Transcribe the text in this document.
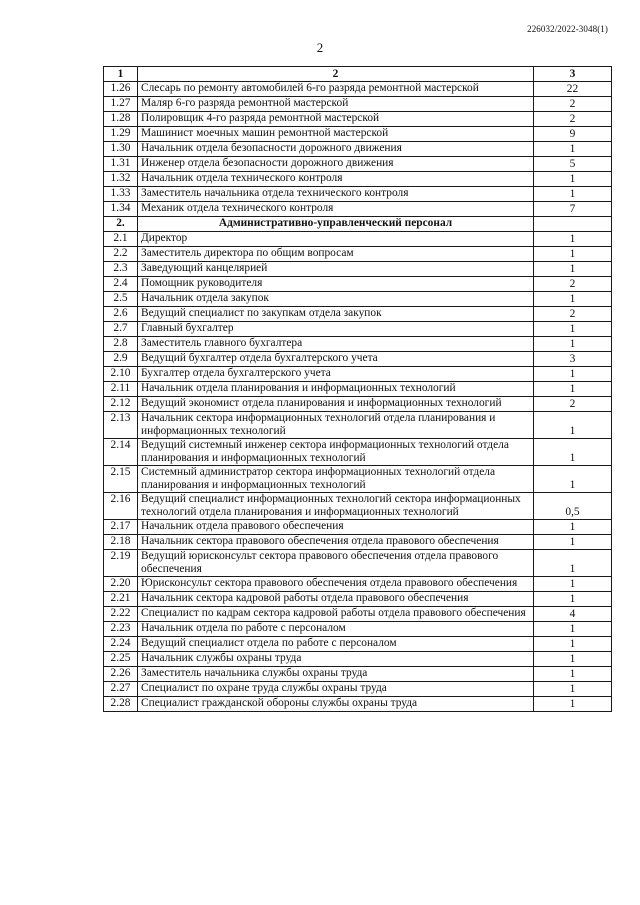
226032/2022-3048(1)
2
1	2	3
1.26	Слесарь по ремонту автомобилей 6-го разряда ремонтной мастерской	22
1.27	Маляр 6-го разряда ремонтной мастерской	2
1.28	Полировщик 4-го разряда ремонтной мастерской	2
1.29	Машинист моечных машин ремонтной мастерской	9
1.30	Начальник отдела безопасности дорожного движения	1
1.31	Инженер отдела безопасности дорожного движения	5
1.32	Начальник отдела технического контроля	1
1.33	Заместитель начальника отдела технического контроля	1
1.34	Механик отдела технического контроля	7
2.	Административно-управленческий персонал	
2.1	Директор	1
2.2	Заместитель директора по общим вопросам	1
2.3	Заведующий канцелярией	1
2.4	Помощник руководителя	2
2.5	Начальник отдела закупок	1
2.6	Ведущий специалист по закупкам отдела закупок	2
2.7	Главный бухгалтер	1
2.8	Заместитель главного бухгалтера	1
2.9	Ведущий бухгалтер отдела бухгалтерского учета	3
2.10	Бухгалтер отдела бухгалтерского учета	1
2.11	Начальник отдела планирования и информационных технологий	1
2.12	Ведущий экономист отдела планирования и информационных технологий	2
2.13	Начальник сектора информационных технологий отдела планирования и информационных технологий	1
2.14	Ведущий системный инженер сектора информационных технологий отдела планирования и информационных технологий	1
2.15	Системный администратор сектора информационных технологий отдела планирования и информационных технологий	1
2.16	Ведущий специалист информационных технологий сектора информационных технологий отдела планирования и информационных технологий	0,5
2.17	Начальник отдела правового обеспечения	1
2.18	Начальник сектора правового обеспечения отдела правового обеспечения	1
2.19	Ведущий юрисконсульт сектора правового обеспечения отдела правового обеспечения	1
2.20	Юрисконсульт сектора правового обеспечения отдела правового обеспечения	1
2.21	Начальник сектора кадровой работы отдела правового обеспечения	1
2.22	Специалист по кадрам сектора кадровой работы отдела правового обеспечения	4
2.23	Начальник отдела по работе с персоналом	1
2.24	Ведущий специалист отдела по работе с персоналом	1
2.25	Начальник службы охраны труда	1
2.26	Заместитель начальника службы охраны труда	1
2.27	Специалист по охране труда службы охраны труда	1
2.28	Специалист гражданской обороны службы охраны труда	1
